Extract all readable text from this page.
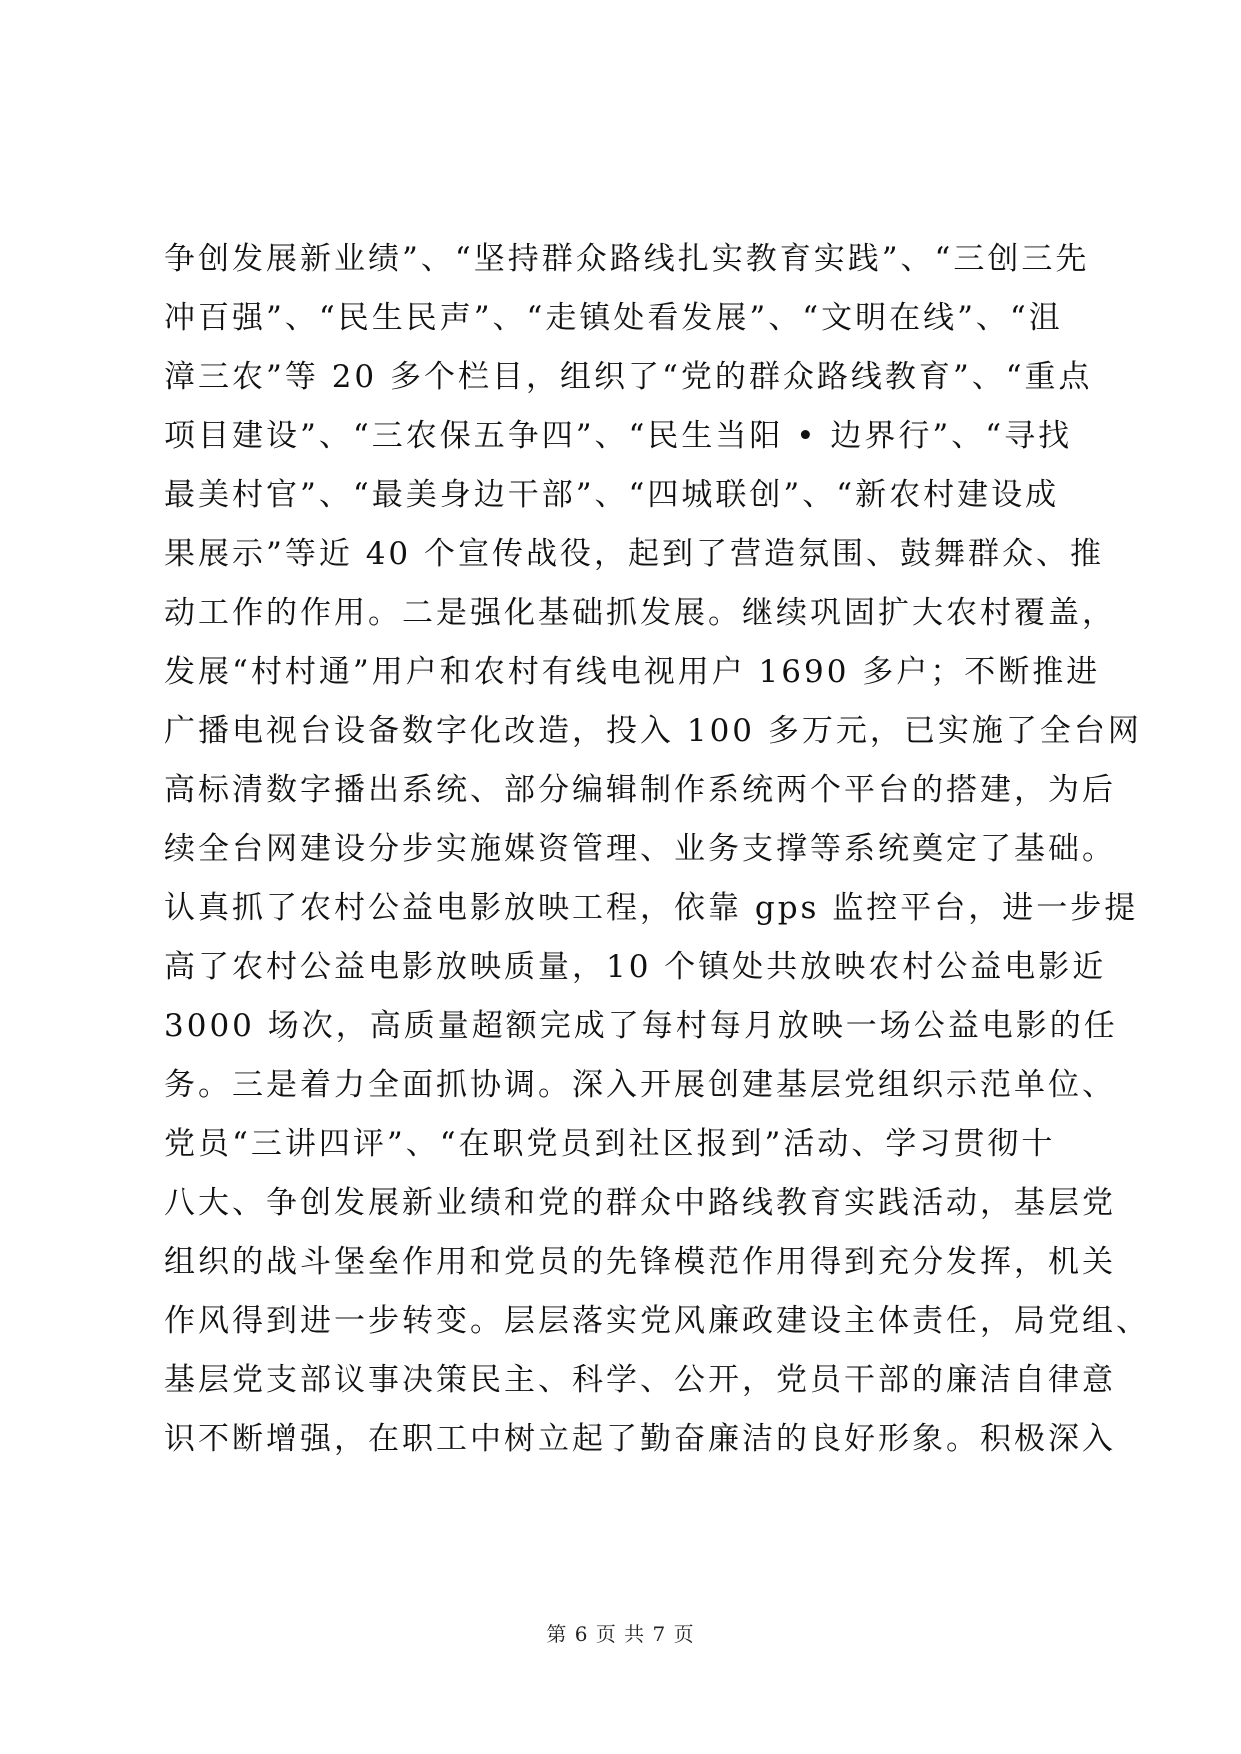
争创发展新业绩”、“坚持群众路线扎实教育实践”、“三创三先
冲百强”、“民生民声”、“走镇处看发展”、“文明在线”、“沮
漳三农”等 20 多个栏目，组织了“党的群众路线教育”、“重点
项目建设”、“三农保五争四”、“民生当阳 • 边界行”、“寻找
最美村官”、“最美身边干部”、“四城联创”、“新农村建设成
果展示”等近 40 个宣传战役，起到了营造氛围、鼓舞群众、推
动工作的作用。二是强化基础抓发展。继续巩固扩大农村覆盖，
发展“村村通”用户和农村有线电视用户 1690 多户；不断推进
广播电视台设备数字化改造，投入 100 多万元，已实施了全台网
高标清数字播出系统、部分编辑制作系统两个平台的搭建，为后
续全台网建设分步实施媒资管理、业务支撑等系统奠定了基础。
认真抓了农村公益电影放映工程，依靠 gps 监控平台，进一步提
高了农村公益电影放映质量，10 个镇处共放映农村公益电影近
3000 场次，高质量超额完成了每村每月放映一场公益电影的任
务。三是着力全面抓协调。深入开展创建基层党组织示范单位、
党员“三讲四评”、“在职党员到社区报到”活动、学习贯彻十
八大、争创发展新业绩和党的群众中路线教育实践活动，基层党
组织的战斗堡垒作用和党员的先锋模范作用得到充分发挥，机关
作风得到进一步转变。层层落实党风廉政建设主体责任，局党组、
基层党支部议事决策民主、科学、公开，党员干部的廉洁自律意
识不断增强，在职工中树立起了勤奋廉洁的良好形象。积极深入
第 6 页 共 7 页
